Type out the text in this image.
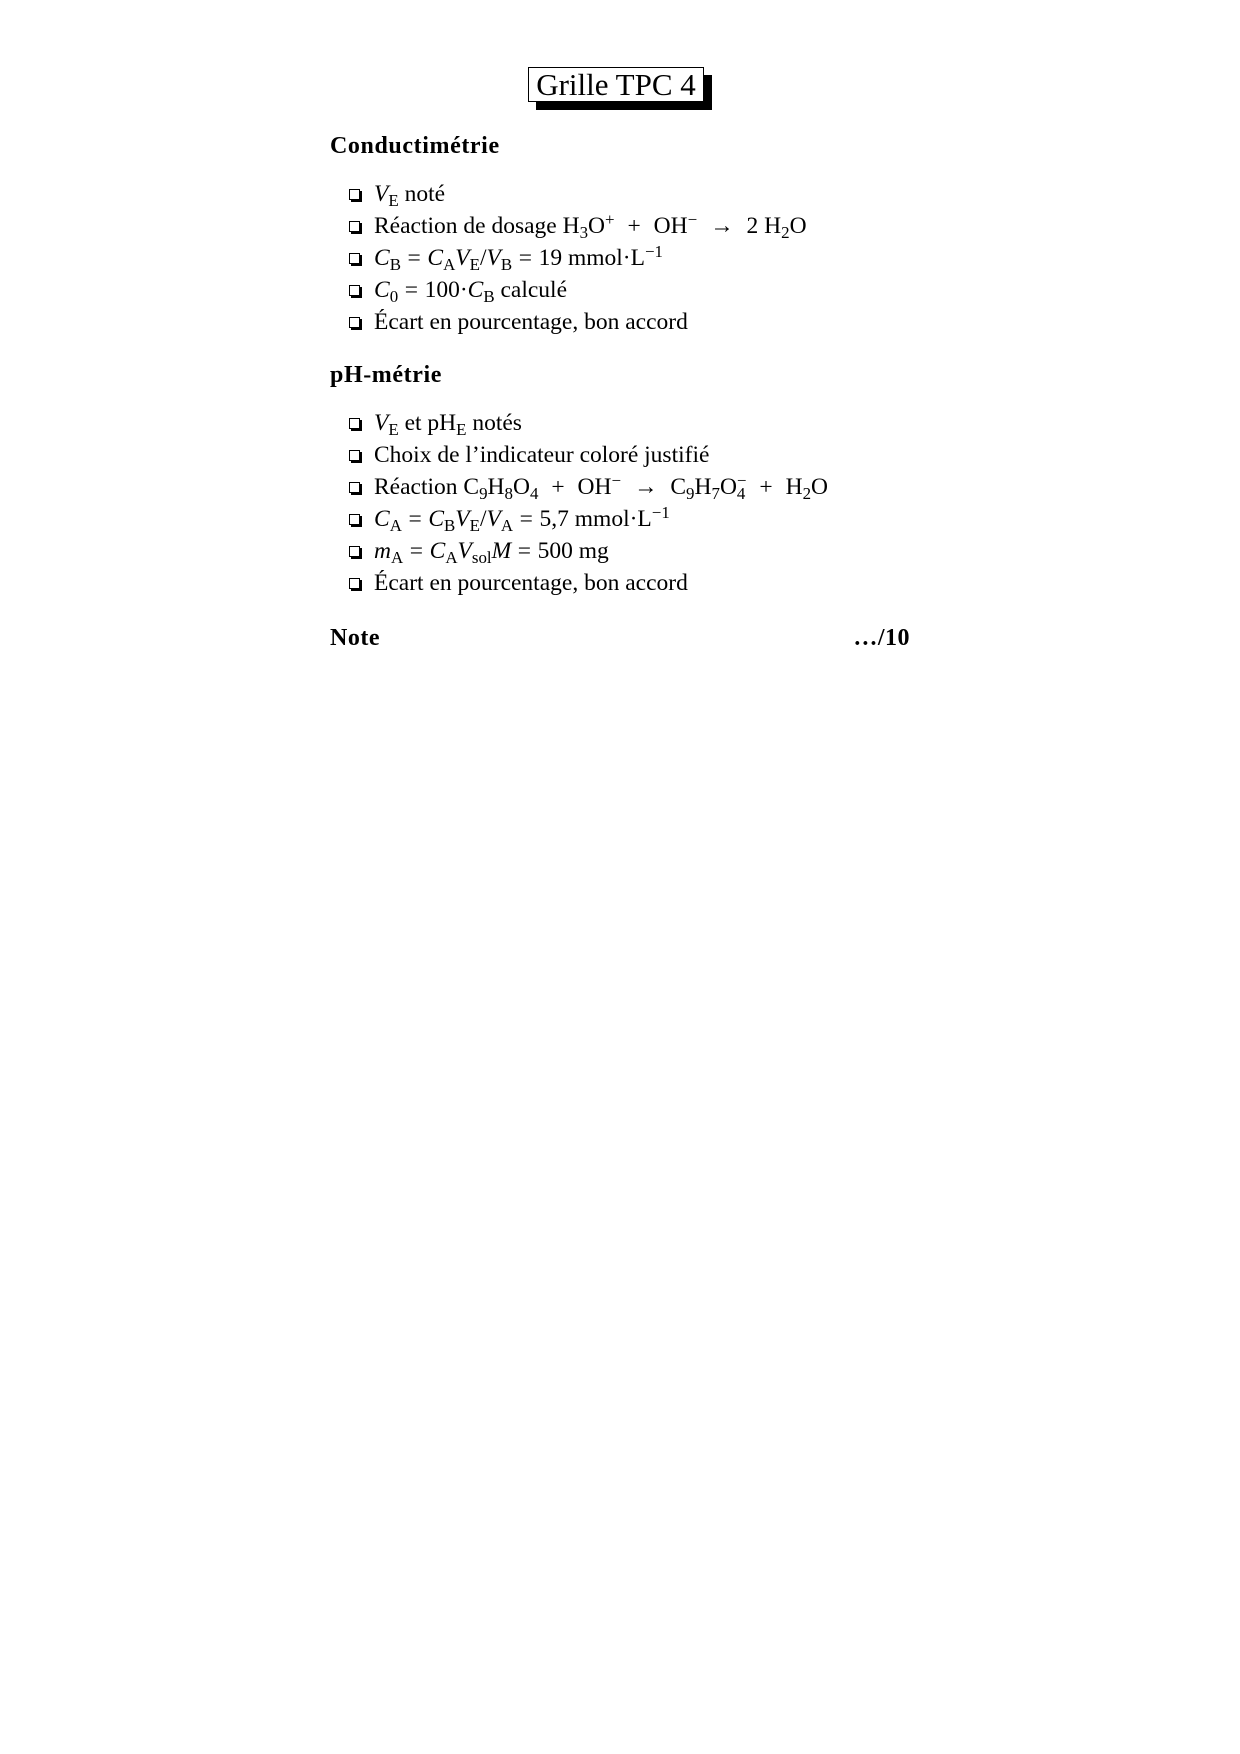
Grille TPC 4
Conductimétrie
$V_E$ noté
Réaction de dosage $H_3O^+ + OH^- \to 2$ $H_2O$
$C_B = C_AV_E/V_B = 19$ $mmol\cdot L^{-1}$
$C_0 = 100\cdot C_B$ calculé
Écart en pourcentage, bon accord
pH-métrie
$V_E$ et $pH_E$ notés
Choix de l’indicateur coloré justifié
Réaction $C_9H_8O_4 + OH^- \to C_9H_7O_4^- + H_2O$
$C_A = C_BV_E/V_A = 5,7$ $mmol\cdot L^{-1}$
$m_A = C_AV_{sol}M = 500$ mg
Écart en pourcentage, bon accord
Note	…/10
